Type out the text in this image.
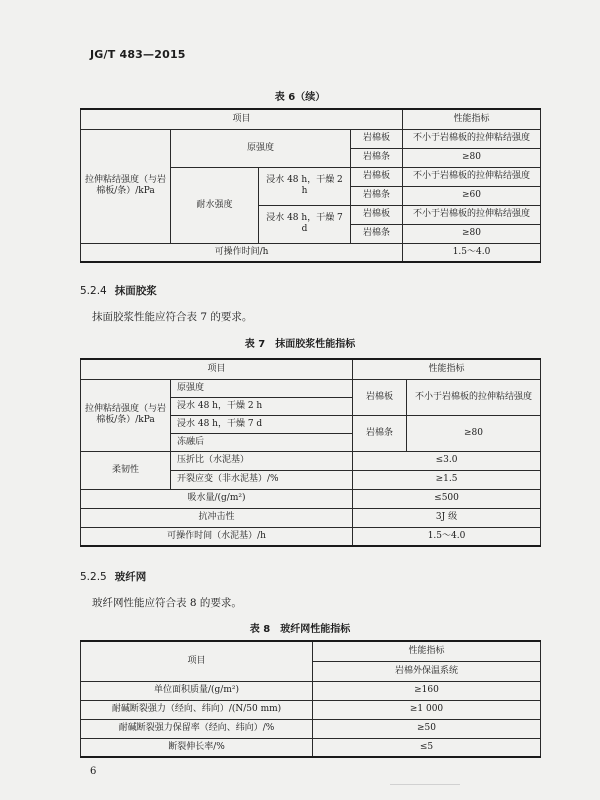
JG/T 483—2015
表 6（续）
项目				性能指标
拉伸粘结强度（与岩棉板/条）/kPa	原强度		岩棉板	不小于岩棉板的拉伸粘结强度
			岩棉条	≥80
	耐水强度	浸水 48 h，干燥 2 h	岩棉板	不小于岩棉板的拉伸粘结强度
			岩棉条	≥60
		浸水 48 h，干燥 7 d	岩棉板	不小于岩棉板的拉伸粘结强度
			岩棉条	≥80
可操作时间/h				1.5～4.0
5.2.4 抹面胶浆
抹面胶浆性能应符合表 7 的要求。
表 7　抹面胶浆性能指标
项目		性能指标	
拉伸粘结强度（与岩棉板/条）/kPa	原强度	岩棉板	不小于岩棉板的拉伸粘结强度
	浸水 48 h，干燥 2 h		
	浸水 48 h，干燥 7 d	岩棉条	≥80
	冻融后		
柔韧性	压折比（水泥基）	≤3.0	
	开裂应变（非水泥基）/%	≥1.5	
吸水量/(g/m²)		≤500	
抗冲击性		3J 级	
可操作时间（水泥基）/h		1.5～4.0	
5.2.5 玻纤网
玻纤网性能应符合表 8 的要求。
表 8　玻纤网性能指标
项目	性能指标
	岩棉外保温系统
单位面积质量/(g/m²)	≥160
耐碱断裂强力（经向、纬向）/(N/50 mm)	≥1 000
耐碱断裂强力保留率（经向、纬向）/%	≥50
断裂伸长率/%	≤5
6
